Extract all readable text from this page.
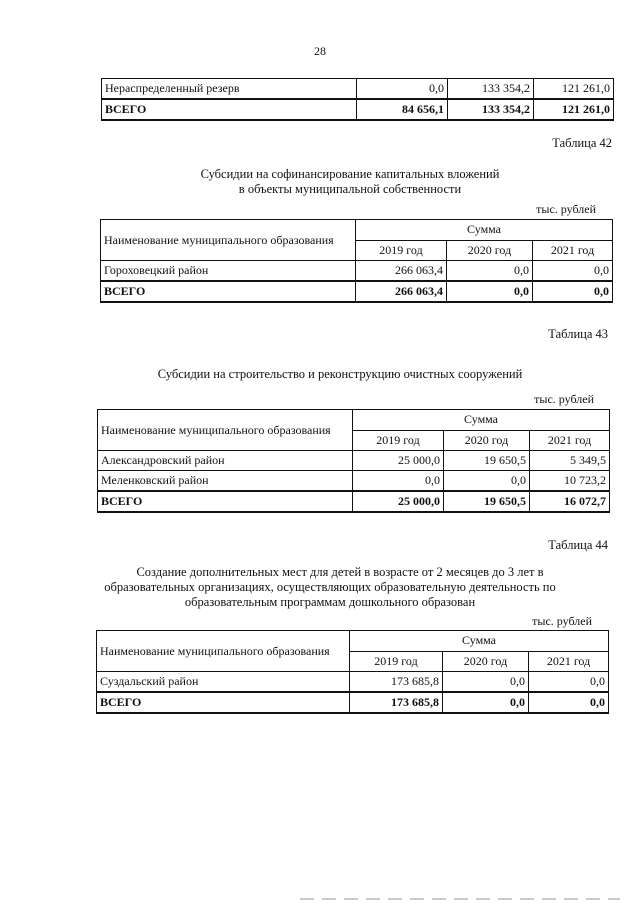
28
Нераспределенный резерв	0,0	133 354,2	121 261,0
ВСЕГО	84 656,1	133 354,2	121 261,0
Таблица 42
Субсидии на софинансирование капитальных вложений
в объекты муниципальной собственности
тыс. рублей
Наименование муниципального образования	Сумма		
	2019 год	2020 год	2021 год
Гороховецкий район	266 063,4	0,0	0,0
ВСЕГО	266 063,4	0,0	0,0
Таблица 43
Субсидии на строительство и реконструкцию очистных сооружений
тыс. рублей
Наименование муниципального образования	Сумма		
	2019 год	2020 год	2021 год
Александровский район	25 000,0	19 650,5	5 349,5
Меленковский район	0,0	0,0	10 723,2
ВСЕГО	25 000,0	19 650,5	16 072,7
Таблица 44
Создание дополнительных мест для детей в возрасте от 2 месяцев до 3 лет в
образовательных организациях, осуществляющих образовательную деятельность по
образовательным программам дошкольного образован
тыс. рублей
Наименование муниципального образования	Сумма		
	2019 год	2020 год	2021 год
Суздальский район	173 685,8	0,0	0,0
ВСЕГО	173 685,8	0,0	0,0
